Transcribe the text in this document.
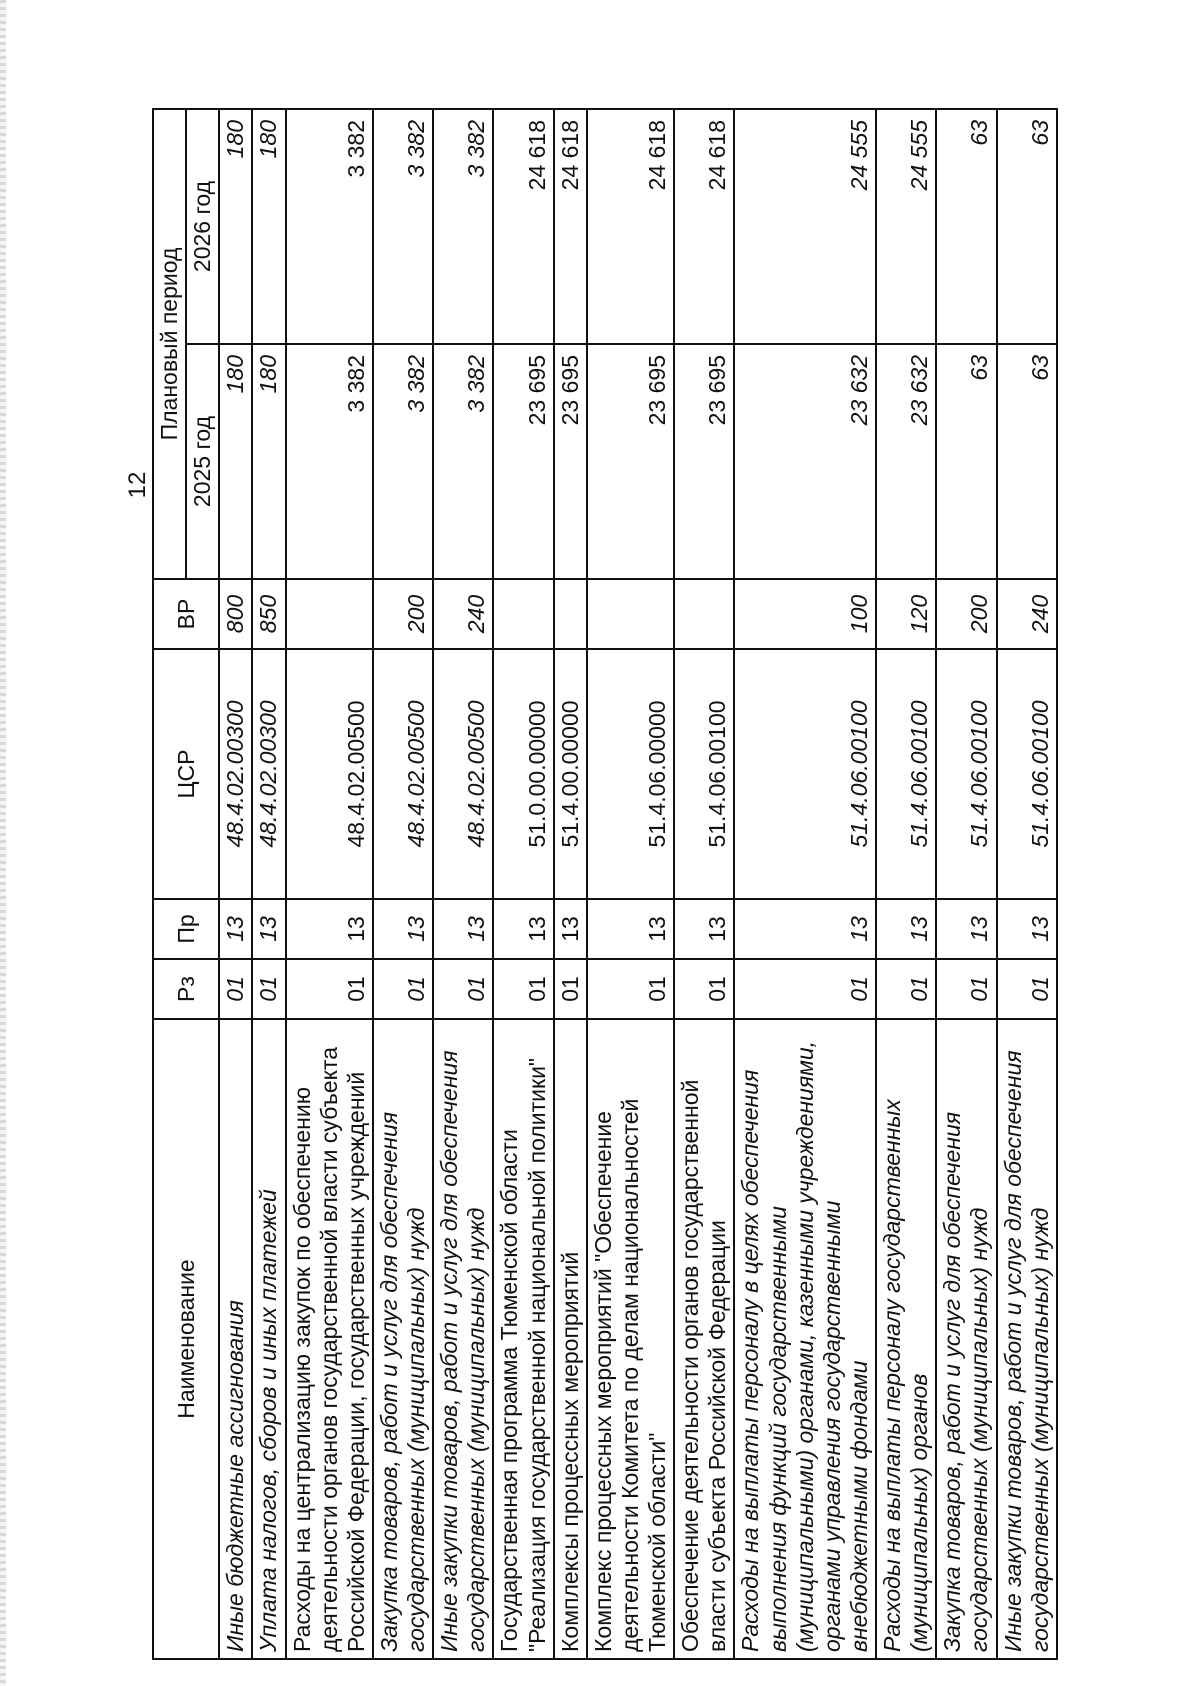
12
Наименование	Рз	Пр	ЦСР	ВР	Плановый период	
					2025 год	2026 год
Иные бюджетные ассигнования	01	13	48.4.02.00300	800	180	180
Уплата налогов, сборов и иных платежей	01	13	48.4.02.00300	850	180	180
Расходы на централизацию закупок по обеспечению деятельности органов государственной власти субъекта Российской Федерации, государственных учреждений	01	13	48.4.02.00500		3 382	3 382
Закупка товаров, работ и услуг для обеспечения государственных (муниципальных) нужд	01	13	48.4.02.00500	200	3 382	3 382
Иные закупки товаров, работ и услуг для обеспечения государственных (муниципальных) нужд	01	13	48.4.02.00500	240	3 382	3 382
Государственная программа Тюменской области "Реализация государственной национальной политики"	01	13	51.0.00.00000		23 695	24 618
Комплексы процессных мероприятий	01	13	51.4.00.00000		23 695	24 618
Комплекс процессных мероприятий "Обеспечение деятельности Комитета по делам национальностей Тюменской области"	01	13	51.4.06.00000		23 695	24 618
Обеспечение деятельности органов государственной власти субъекта Российской Федерации	01	13	51.4.06.00100		23 695	24 618
Расходы на выплаты персоналу в целях обеспечения выполнения функций государственными (муниципальными) органами, казенными учреждениями, органами управления государственными внебюджетными фондами	01	13	51.4.06.00100	100	23 632	24 555
Расходы на выплаты персоналу государственных (муниципальных) органов	01	13	51.4.06.00100	120	23 632	24 555
Закупка товаров, работ и услуг для обеспечения государственных (муниципальных) нужд	01	13	51.4.06.00100	200	63	63
Иные закупки товаров, работ и услуг для обеспечения государственных (муниципальных) нужд	01	13	51.4.06.00100	240	63	63
